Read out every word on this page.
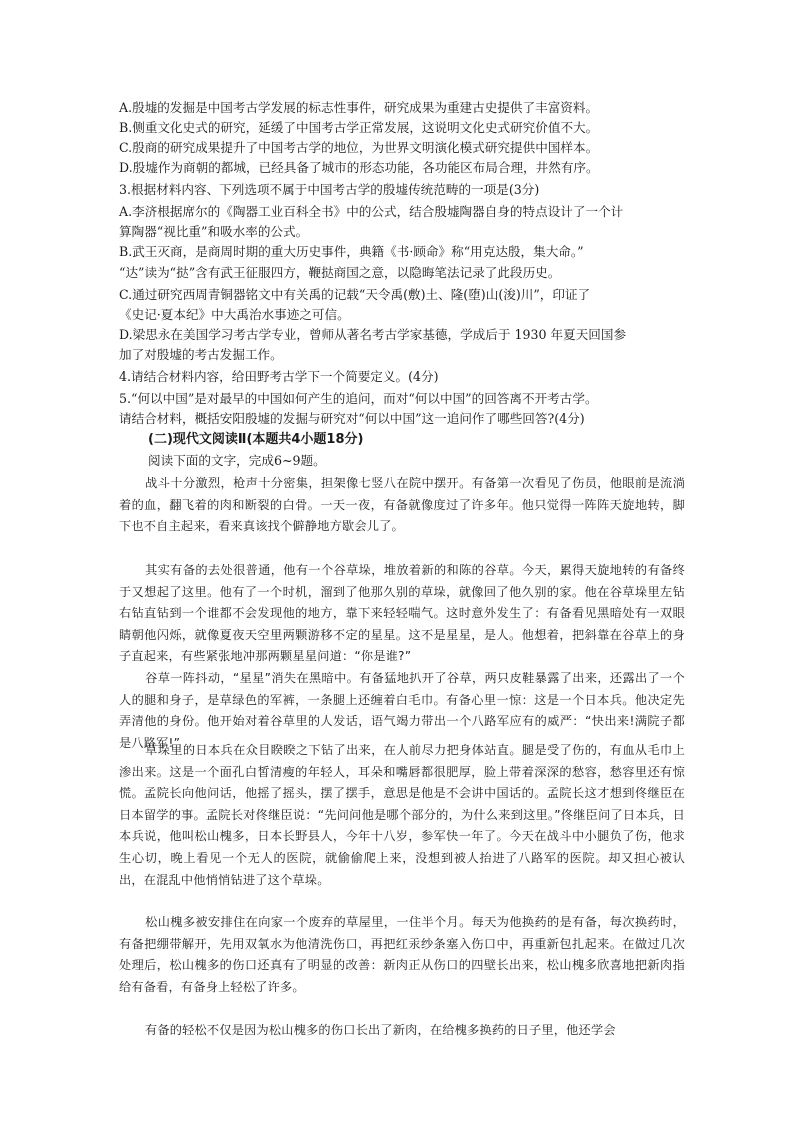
A.殷墟的发掘是中国考古学发展的标志性事件，研究成果为重建古史提供了丰富资料。
B.侧重文化史式的研究，延缓了中国考古学正常发展，这说明文化史式研究价值不大。
C.殷商的研究成果提升了中国考古学的地位，为世界文明演化模式研究提供中国样本。
D.殷墟作为商朝的都城，已经具备了城市的形态功能，各功能区布局合理，井然有序。
3.根据材料内容、下列选项不属于中国考古学的殷墟传统范畴的一项是(3分)
A.李济根据席尔的《陶器工业百科全书》中的公式，结合殷墟陶器自身的特点设计了一个计
算陶器“视比重”和吸水率的公式。
B.武王灭商，是商周时期的重大历史事件，典籍《书·顾命》称“用克达殷，集大命。”
“达”读为“挞”含有武王征服四方，鞭挞商国之意，以隐晦笔法记录了此段历史。
C.通过研究西周青铜器铭文中有关禹的记载“天令禹(敷)土、隆(堕)山(浚)川”，印证了
《史记·夏本纪》中大禹治水事迹之可信。
D.梁思永在美国学习考古学专业，曾师从著名考古学家基德，学成后于 1930 年夏天回国参
加了对殷墟的考古发掘工作。
4.请结合材料内容，给田野考古学下一个简要定义。(4分)
5.“何以中国”是对最早的中国如何产生的追问，而对“何以中国”的回答离不开考古学。
请结合材料，概括安阳殷墟的发掘与研究对“何以中国”这一追问作了哪些回答?(4分)
(二)现代文阅读Ⅱ(本题共4小题18分)
阅读下面的文字，完成6~9题。
战斗十分激烈，枪声十分密集，担架像七竖八在院中摆开。有备第一次看见了伤员，他眼前是流淌着的血，翻飞着的肉和断裂的白骨。一天一夜，有备就像度过了许多年。他只觉得一阵阵天旋地转，脚下也不自主起来，看来真该找个僻静地方歇会儿了。
其实有备的去处很普通，他有一个谷草垛，堆放着新的和陈的谷草。今天，累得天旋地转的有备终于又想起了这里。他有了一个时机，溜到了他那久别的草垛，就像回了他久别的家。他在谷草垛里左钻右钻直钻到一个谁都不会发现他的地方，靠下来轻轻喘气。这时意外发生了：有备看见黑暗处有一双眼睛朝他闪烁，就像夏夜天空里两颗游移不定的星星。这不是星星，是人。他想着，把斜靠在谷草上的身子直起来，有些紧张地冲那两颗星星问道：“你是谁?”
谷草一阵抖动，“星星”消失在黑暗中。有备猛地扒开了谷草，两只皮鞋暴露了出来，还露出了一个人的腿和身子，是草绿色的军裤，一条腿上还缠着白毛巾。有备心里一惊：这是一个日本兵。他决定先弄清他的身份。他开始对着谷草里的人发话，语气竭力带出一个八路军应有的威严：“快出来!满院子都是八路军!”
草垛里的日本兵在众目睽睽之下钻了出来，在人前尽力把身体站直。腿是受了伤的，有血从毛巾上渗出来。这是一个面孔白皙清瘦的年轻人，耳朵和嘴唇都很肥厚，脸上带着深深的愁容，愁容里还有惊慌。孟院长向他问话，他摇了摇头，摆了摆手，意思是他是不会讲中国话的。孟院长这才想到佟继臣在日本留学的事。孟院长对佟继臣说：“先问问他是哪个部分的，为什么来到这里。”佟继臣问了日本兵，日本兵说，他叫松山槐多，日本长野县人，今年十八岁，参军快一年了。今天在战斗中小腿负了伤，他求生心切，晚上看见一个无人的医院，就偷偷爬上来，没想到被人抬进了八路军的医院。却又担心被认出，在混乱中他悄悄钻进了这个草垛。
松山槐多被安排住在向家一个废弃的草屋里，一住半个月。每天为他换药的是有备，每次换药时，有备把绷带解开，先用双氧水为他清洗伤口，再把红汞纱条塞入伤口中，再重新包扎起来。在做过几次处理后，松山槐多的伤口还真有了明显的改善：新肉正从伤口的四壁长出来，松山槐多欣喜地把新肉指给有备看，有备身上轻松了许多。
有备的轻松不仅是因为松山槐多的伤口长出了新肉，在给槐多换药的日子里，他还学会
